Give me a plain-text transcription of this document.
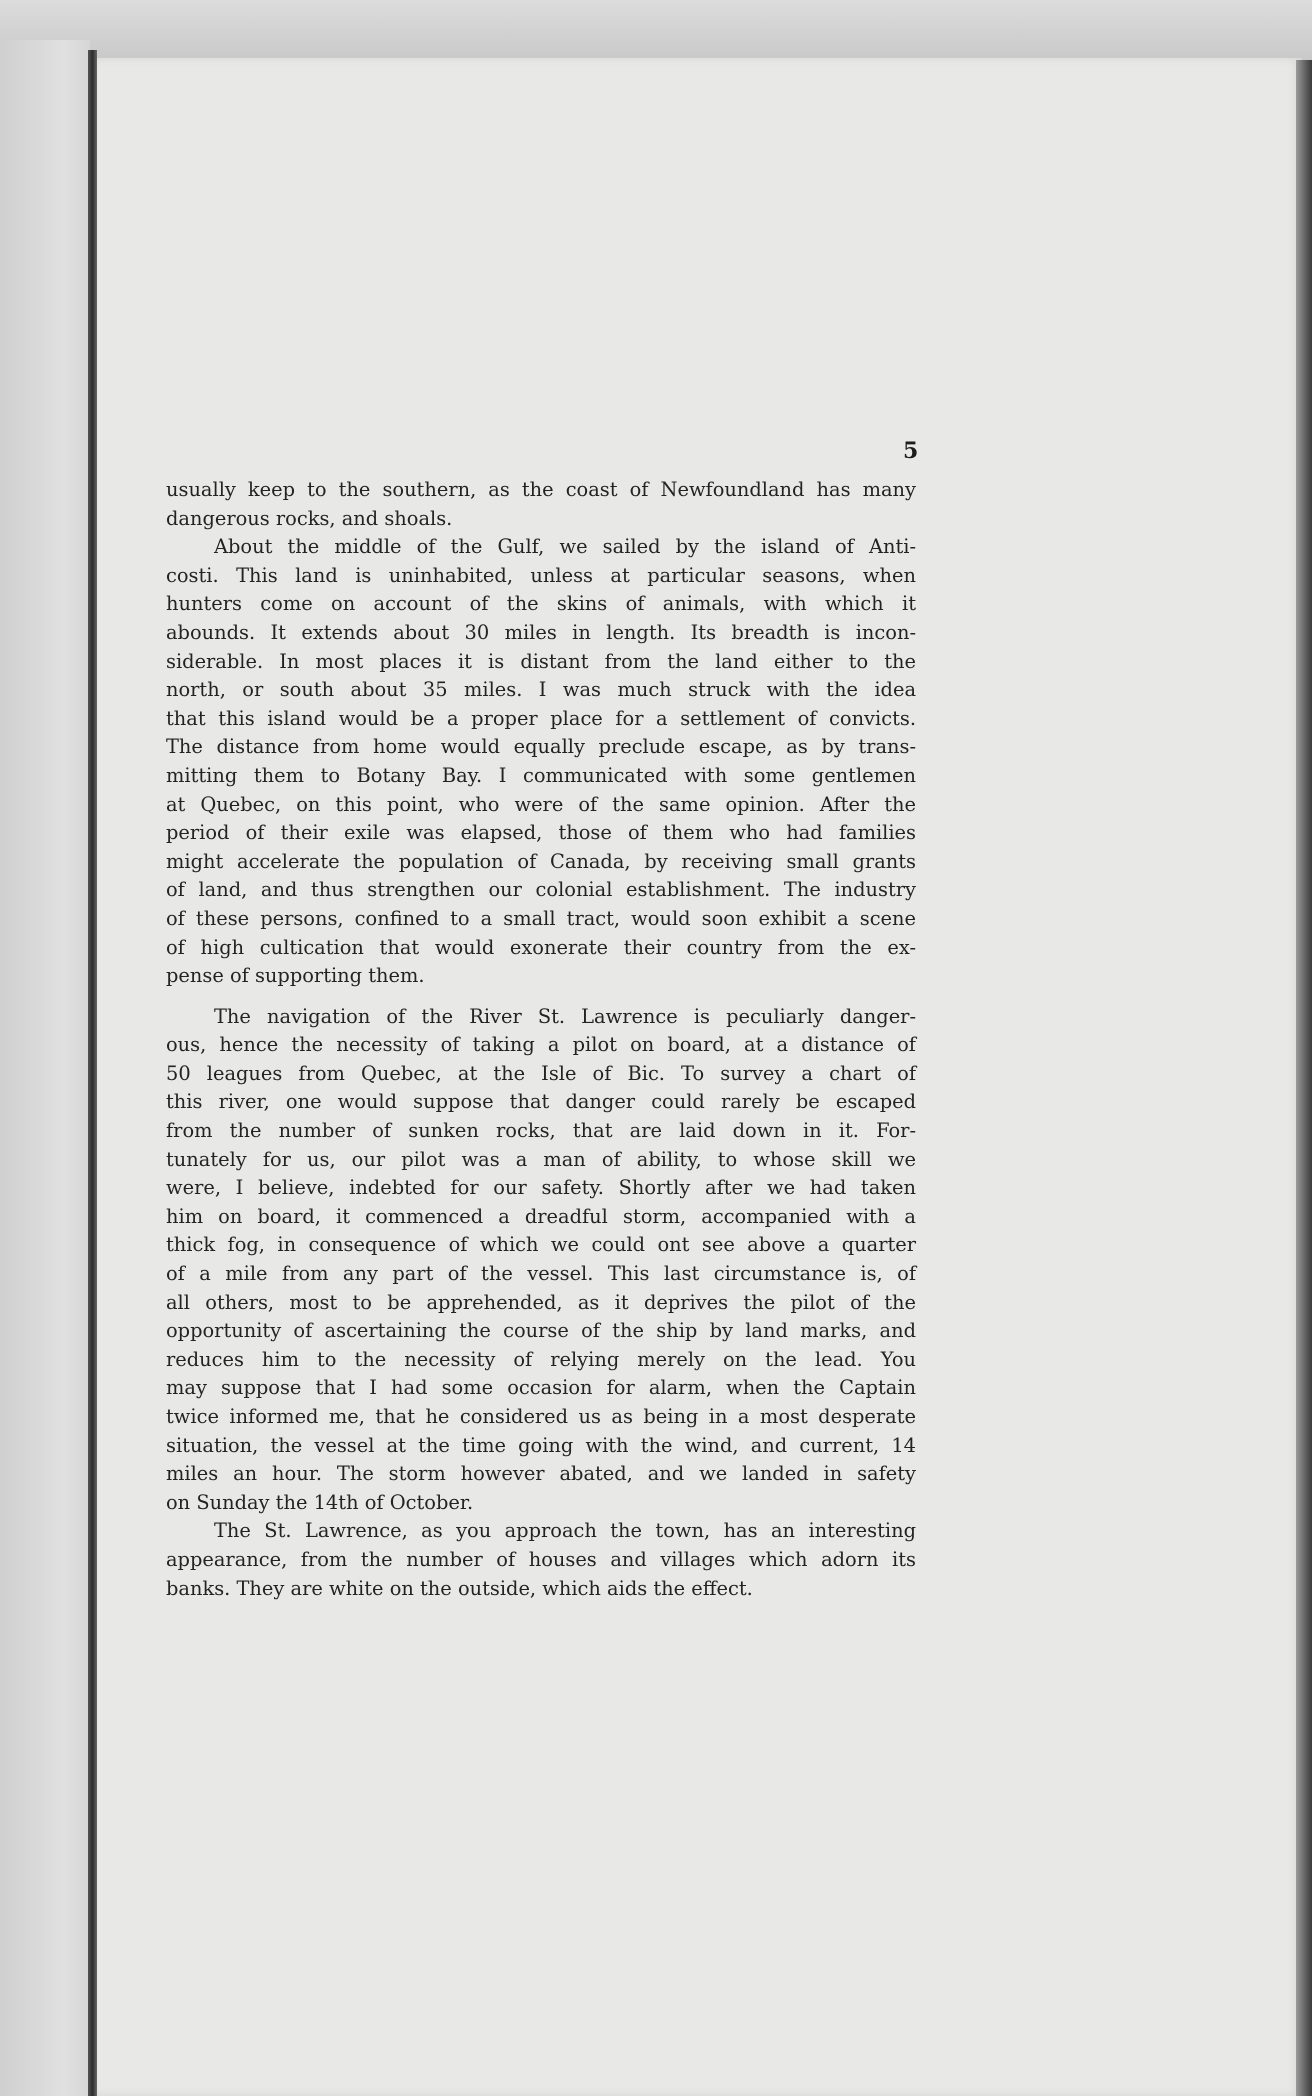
5

usually keep to the southern, as the coast of Newfoundland has many
dangerous rocks, and shoals.

About the middle of the Gulf, we sailed by the island of Anti-
costi. This land is uninhabited, unless at particular seasons, when
hunters come on account of the skins of animals, with which it
abounds. It extends about 30 miles in length. Its breadth is incon-
siderable. In most places it is distant from the land either to the
north, or south about 35 miles. I was much struck with the idea
that this island would be a proper place for a settlement of convicts.
The distance from home would equally preclude escape, as by trans-
mitting them to Botany Bay. I communicated with some gentlemen
at Quebec, on this point, who were of the same opinion. After the
period of their exile was elapsed, those of them who had families
might accelerate the population of Canada, by receiving small grants
of land, and thus strengthen our colonial establishment. The industry
of these persons, confined to a small tract, would soon exhibit a scene
of high cultication that would exonerate their country from the ex-
pense of supporting them.

The navigation of the River St. Lawrence is peculiarly danger-
ous, hence the necessity of taking a pilot on board, at a distance of
50 leagues from Quebec, at the Isle of Bic. To survey a chart of
this river, one would suppose that danger could rarely be escaped
from the number of sunken rocks, that are laid down in it. For-
tunately for us, our pilot was a man of ability, to whose skill we
were, I believe, indebted for our safety. Shortly after we had taken
him on board, it commenced a dreadful storm, accompanied with a
thick fog, in consequence of which we could ont see above a quarter
of a mile from any part of the vessel. This last circumstance is, of
all others, most to be apprehended, as it deprives the pilot of the
opportunity of ascertaining the course of the ship by land marks, and
reduces him to the necessity of relying merely on the lead. You
may suppose that I had some occasion for alarm, when the Captain
twice informed me, that he considered us as being in a most desperate
situation, the vessel at the time going with the wind, and current, 14
miles an hour. The storm however abated, and we landed in safety
on Sunday the 14th of October.

The St. Lawrence, as you approach the town, has an interesting
appearance, from the number of houses and villages which adorn its
banks. They are white on the outside, which aids the effect.
